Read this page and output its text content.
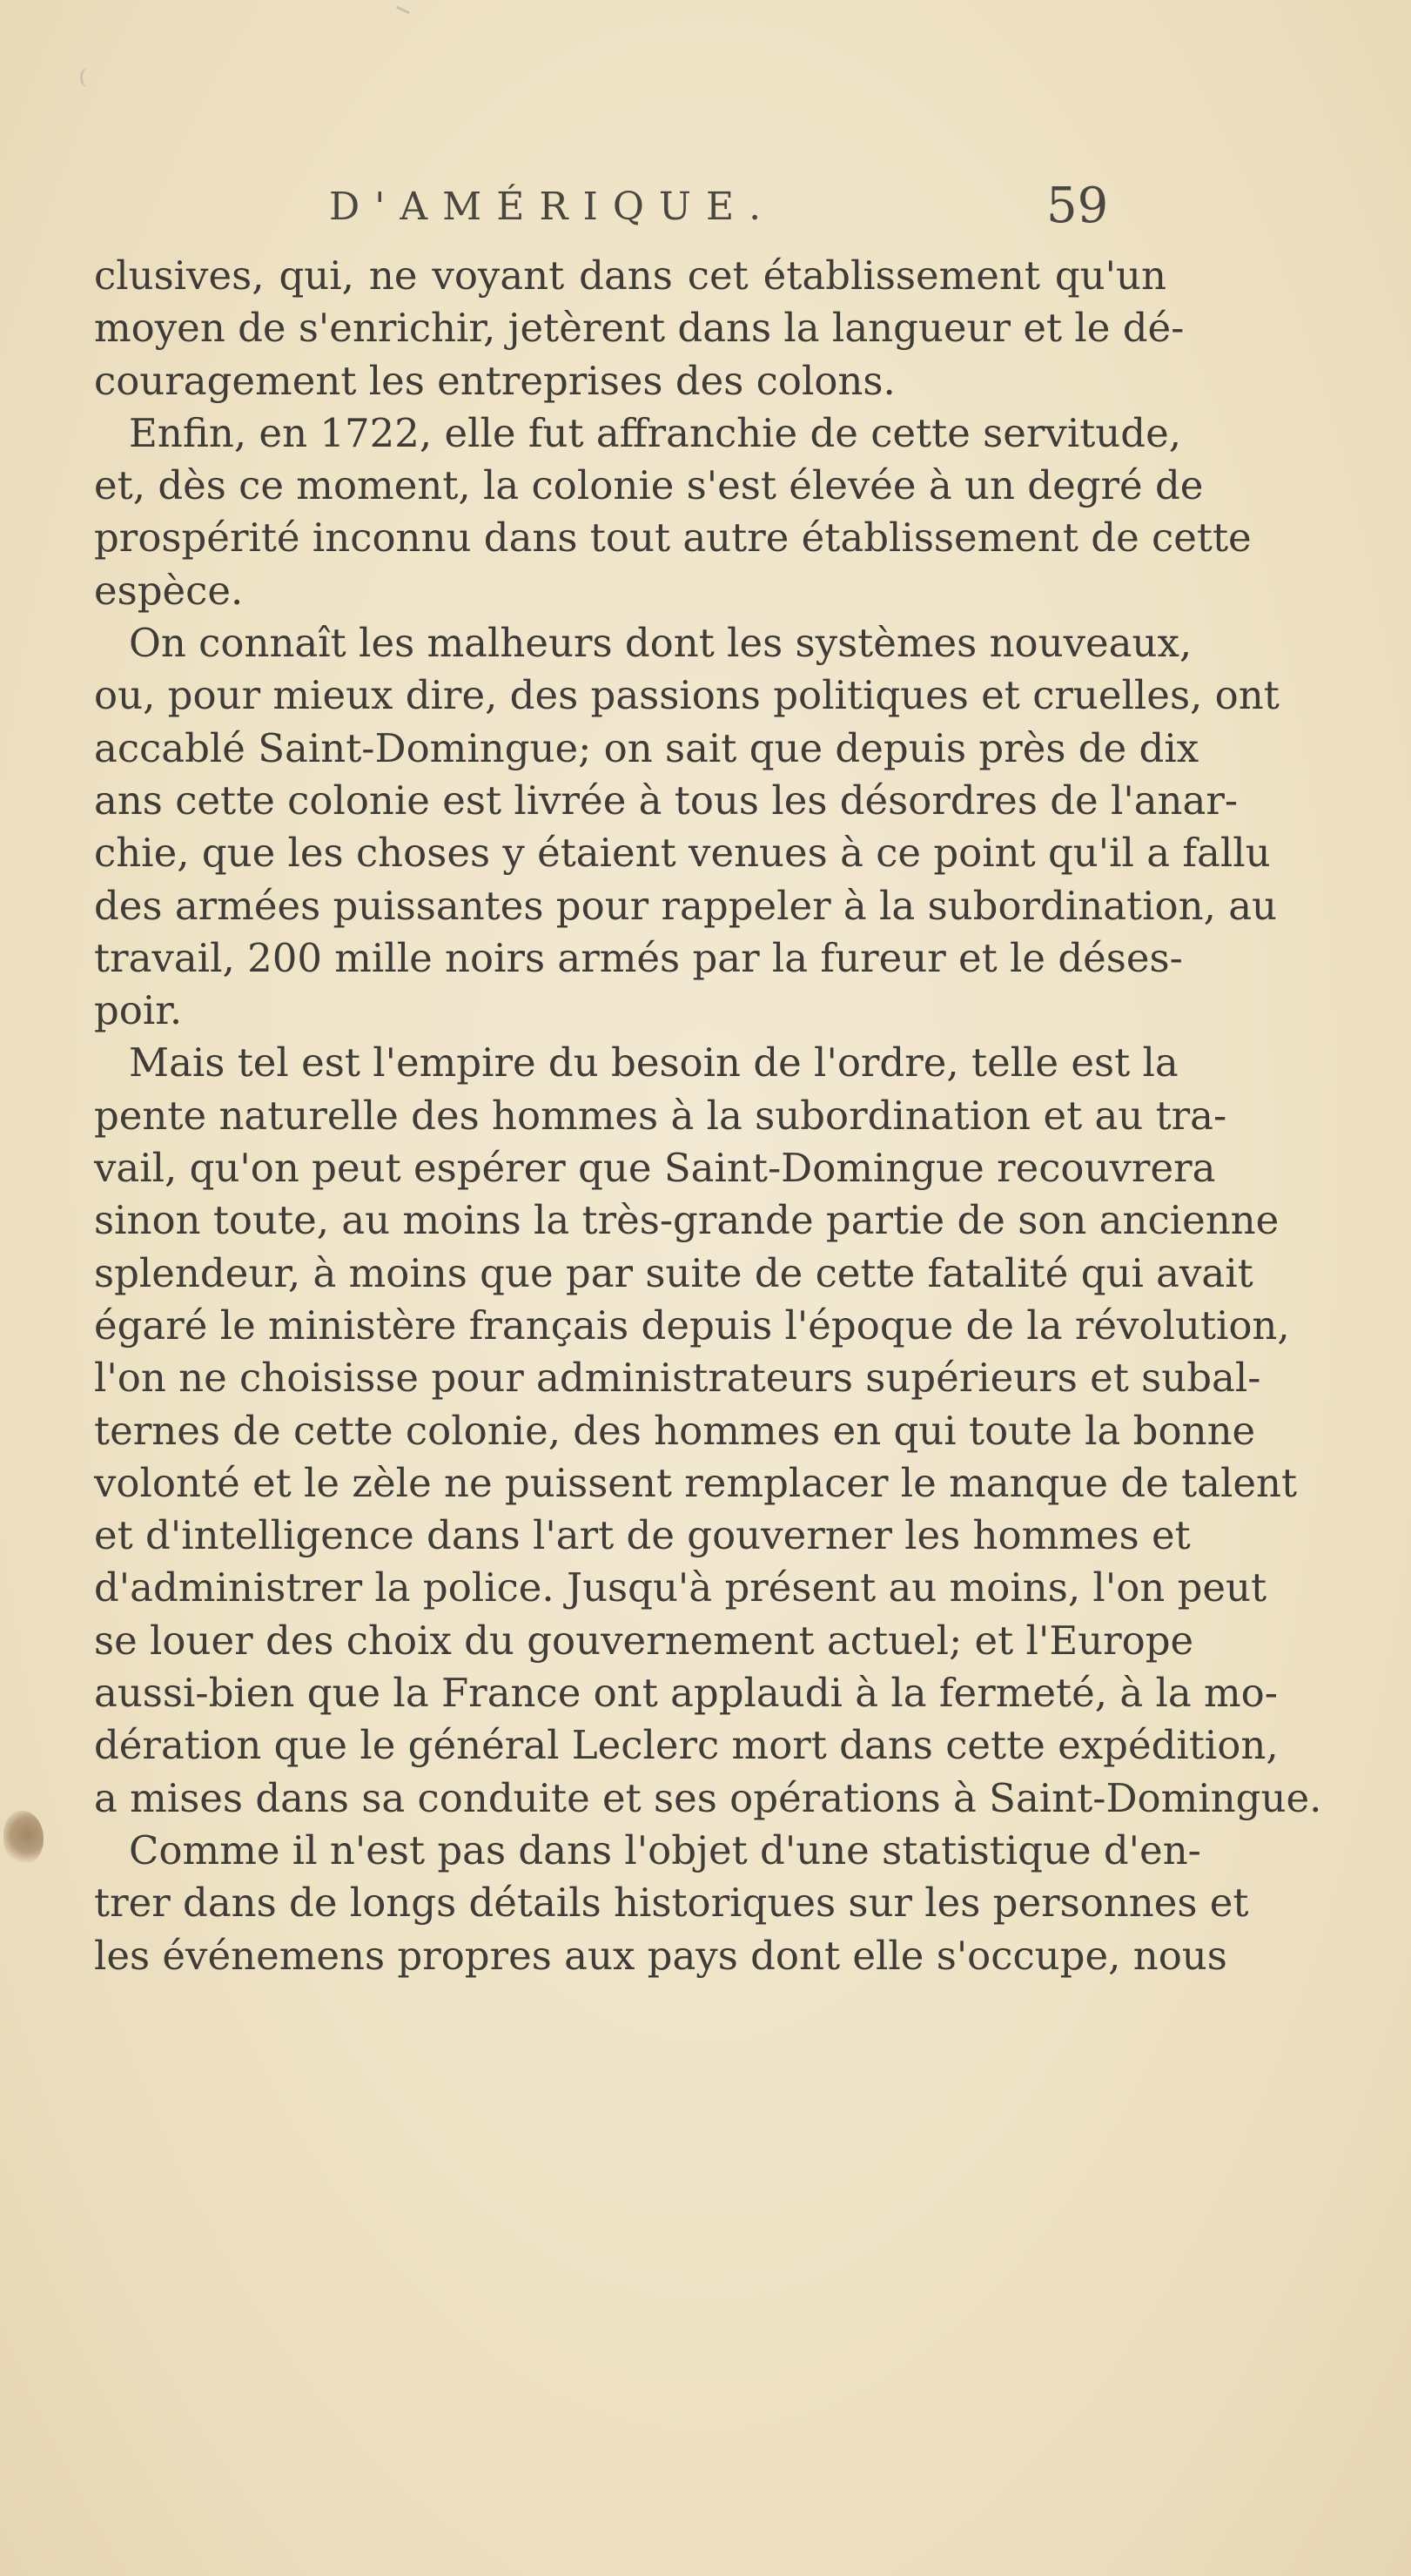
D'AMÉRIQUE.	59
clusives, qui, ne voyant dans cet établissement qu'un
moyen de s'enrichir, jetèrent dans la langueur et le dé-
couragement les entreprises des colons.
Enfin, en 1722, elle fut affranchie de cette servitude,
et, dès ce moment, la colonie s'est élevée à un degré de
prospérité inconnu dans tout autre établissement de cette
espèce.
On connaît les malheurs dont les systèmes nouveaux,
ou, pour mieux dire, des passions politiques et cruelles, ont
accablé Saint-Domingue; on sait que depuis près de dix
ans cette colonie est livrée à tous les désordres de l'anar-
chie, que les choses y étaient venues à ce point qu'il a fallu
des armées puissantes pour rappeler à la subordination, au
travail, 200 mille noirs armés par la fureur et le déses-
poir.
Mais tel est l'empire du besoin de l'ordre, telle est la
pente naturelle des hommes à la subordination et au tra-
vail, qu'on peut espérer que Saint-Domingue recouvrera
sinon toute, au moins la très-grande partie de son ancienne
splendeur, à moins que par suite de cette fatalité qui avait
égaré le ministère français depuis l'époque de la révolution,
l'on ne choisisse pour administrateurs supérieurs et subal-
ternes de cette colonie, des hommes en qui toute la bonne
volonté et le zèle ne puissent remplacer le manque de talent
et d'intelligence dans l'art de gouverner les hommes et
d'administrer la police. Jusqu'à présent au moins, l'on peut
se louer des choix du gouvernement actuel; et l'Europe
aussi-bien que la France ont applaudi à la fermeté, à la mo-
dération que le général Leclerc mort dans cette expédition,
a mises dans sa conduite et ses opérations à Saint-Domingue.
Comme il n'est pas dans l'objet d'une statistique d'en-
trer dans de longs détails historiques sur les personnes et
les événemens propres aux pays dont elle s'occupe, nous
